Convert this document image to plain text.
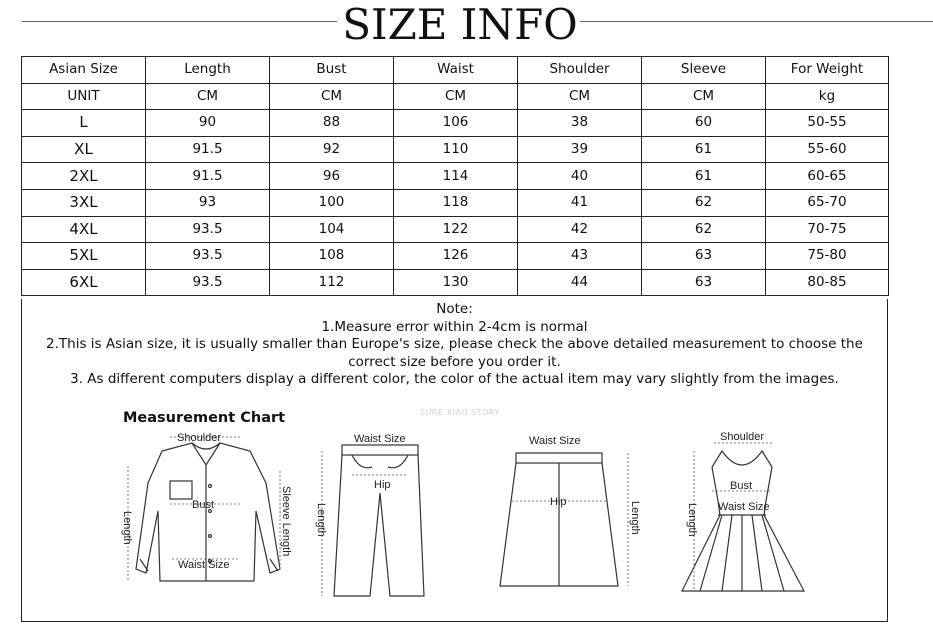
SIZE INFO
Asian Size	Length	Bust	Waist	Shoulder	Sleeve	For Weight
UNIT	CM	CM	CM	CM	CM	kg
L	90	88	106	38	60	50-55
XL	91.5	92	110	39	61	55-60
2XL	91.5	96	114	40	61	60-65
3XL	93	100	118	41	62	65-70
4XL	93.5	104	122	42	62	70-75
5XL	93.5	108	126	43	63	75-80
6XL	93.5	112	130	44	63	80-85
Note:
1.Measure error within 2-4cm is normal
2.This is Asian size, it is usually smaller than Europe's size, please check the above detailed measurement to choose the correct size before you order it.
3. As different computers display a different color, the color of the actual item may vary slightly from the images.
Measurement Chart	SURE XIAO STORY
Shoulder
Bust
Waist Size
Length	Sleeve Length
Waist Size
Hip
Length
Waist Size
Hip	Length
Shoulder
Bust
Waist Size
Length
